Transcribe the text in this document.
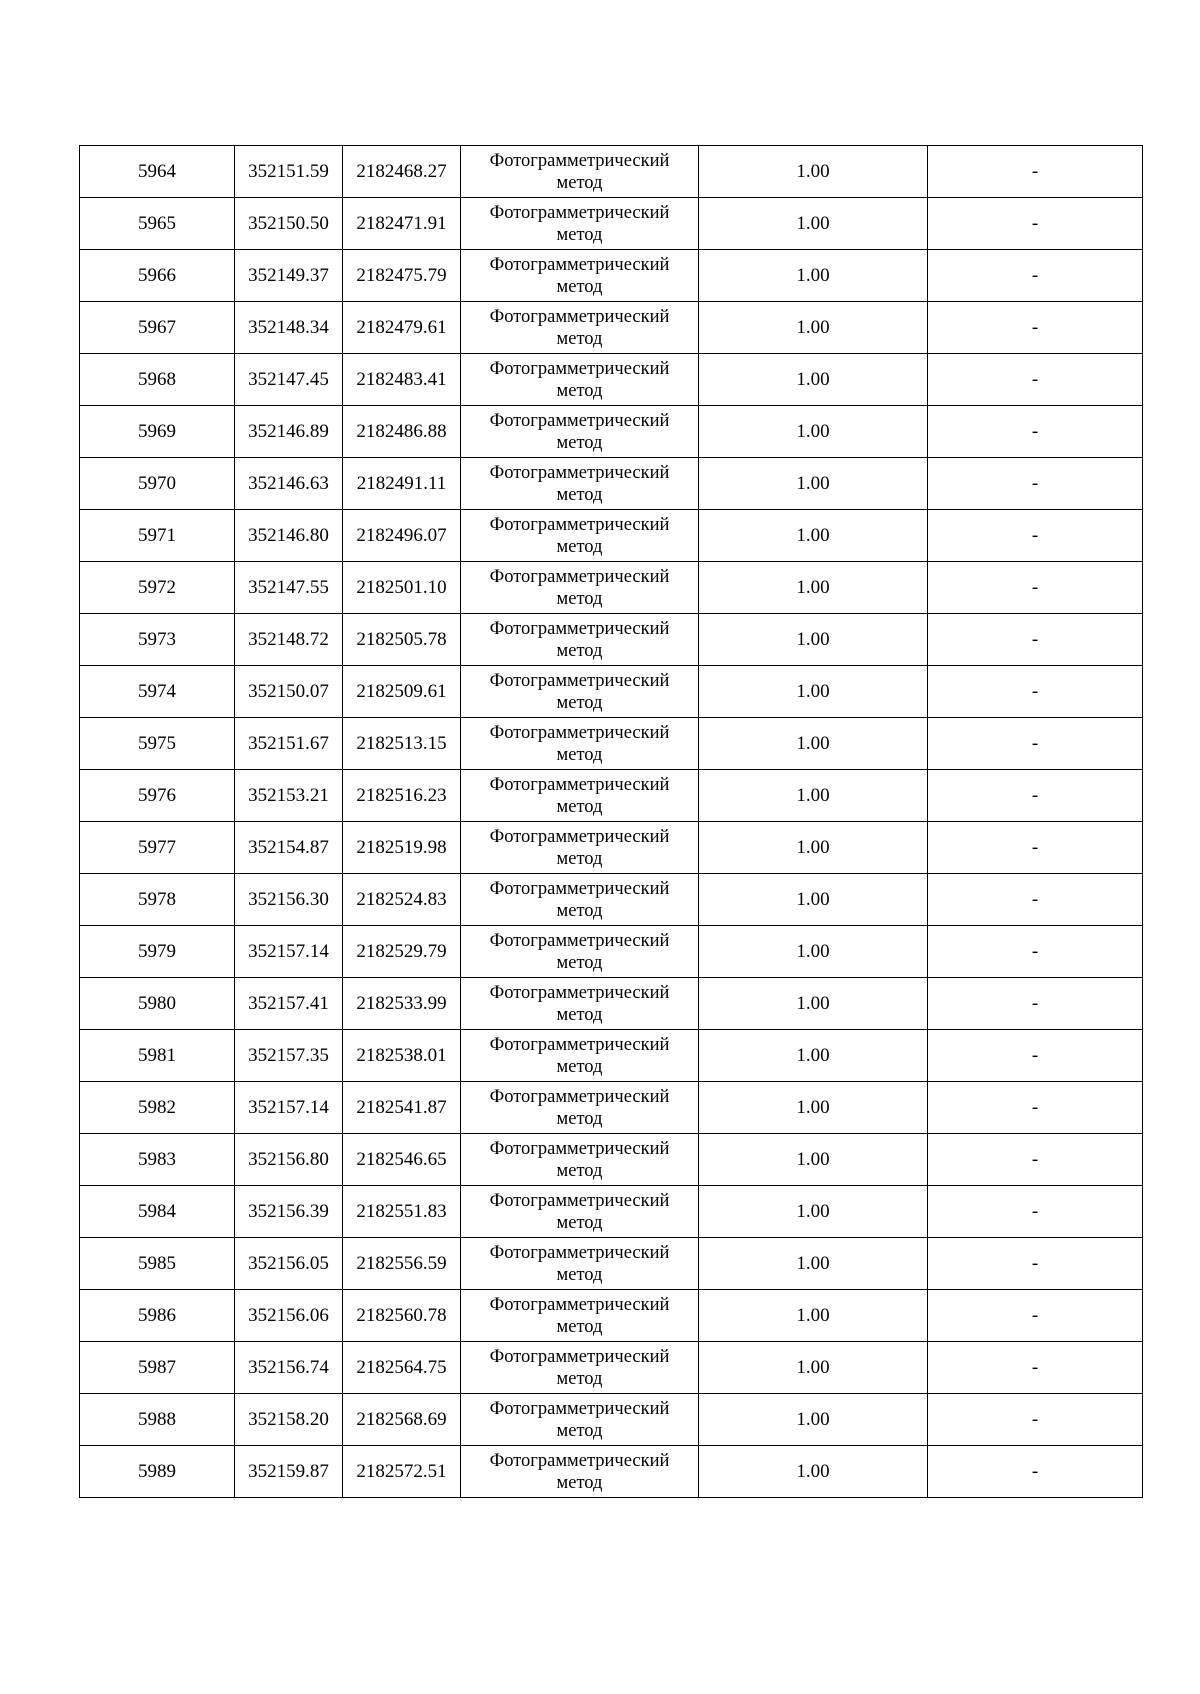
5964	352151.59	2182468.27	Фотограмметрический метод	1.00	-
5965	352150.50	2182471.91	Фотограмметрический метод	1.00	-
5966	352149.37	2182475.79	Фотограмметрический метод	1.00	-
5967	352148.34	2182479.61	Фотограмметрический метод	1.00	-
5968	352147.45	2182483.41	Фотограмметрический метод	1.00	-
5969	352146.89	2182486.88	Фотограмметрический метод	1.00	-
5970	352146.63	2182491.11	Фотограмметрический метод	1.00	-
5971	352146.80	2182496.07	Фотограмметрический метод	1.00	-
5972	352147.55	2182501.10	Фотограмметрический метод	1.00	-
5973	352148.72	2182505.78	Фотограмметрический метод	1.00	-
5974	352150.07	2182509.61	Фотограмметрический метод	1.00	-
5975	352151.67	2182513.15	Фотограмметрический метод	1.00	-
5976	352153.21	2182516.23	Фотограмметрический метод	1.00	-
5977	352154.87	2182519.98	Фотограмметрический метод	1.00	-
5978	352156.30	2182524.83	Фотограмметрический метод	1.00	-
5979	352157.14	2182529.79	Фотограмметрический метод	1.00	-
5980	352157.41	2182533.99	Фотограмметрический метод	1.00	-
5981	352157.35	2182538.01	Фотограмметрический метод	1.00	-
5982	352157.14	2182541.87	Фотограмметрический метод	1.00	-
5983	352156.80	2182546.65	Фотограмметрический метод	1.00	-
5984	352156.39	2182551.83	Фотограмметрический метод	1.00	-
5985	352156.05	2182556.59	Фотограмметрический метод	1.00	-
5986	352156.06	2182560.78	Фотограмметрический метод	1.00	-
5987	352156.74	2182564.75	Фотограмметрический метод	1.00	-
5988	352158.20	2182568.69	Фотограмметрический метод	1.00	-
5989	352159.87	2182572.51	Фотограмметрический метод	1.00	-
